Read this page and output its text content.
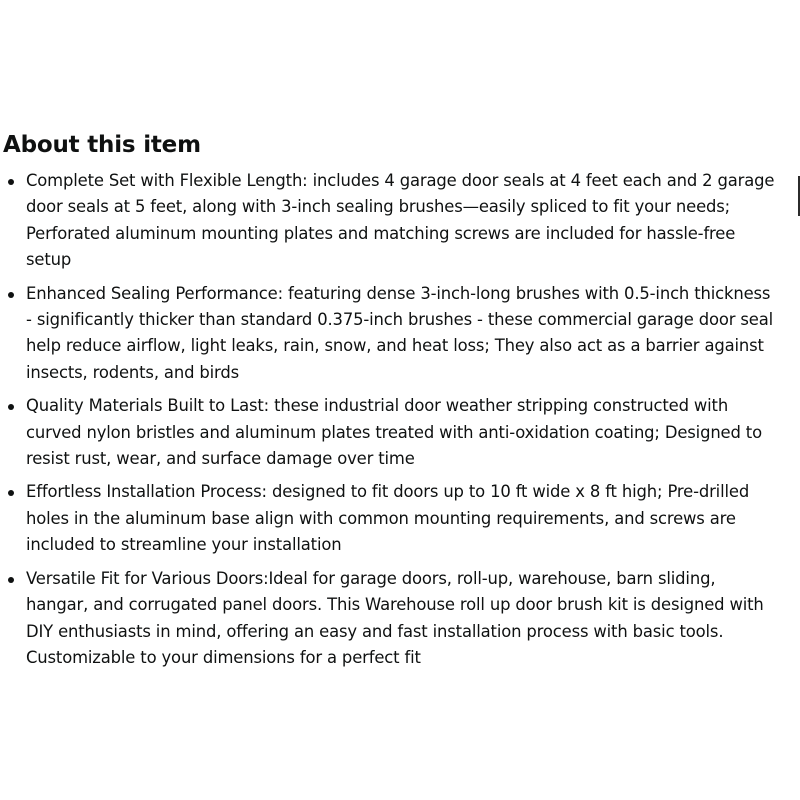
About this item
Complete Set with Flexible Length: includes 4 garage door seals at 4 feet each and 2 garage door seals at 5 feet, along with 3-inch sealing brushes—easily spliced to fit your needs; Perforated aluminum mounting plates and matching screws are included for hassle-free setup
Enhanced Sealing Performance: featuring dense 3-inch-long brushes with 0.5-inch thickness - significantly thicker than standard 0.375-inch brushes - these commercial garage door seal help reduce airflow, light leaks, rain, snow, and heat loss; They also act as a barrier against insects, rodents, and birds
Quality Materials Built to Last: these industrial door weather stripping constructed with curved nylon bristles and aluminum plates treated with anti-oxidation coating; Designed to resist rust, wear, and surface damage over time
Effortless Installation Process: designed to fit doors up to 10 ft wide x 8 ft high; Pre-drilled holes in the aluminum base align with common mounting requirements, and screws are included to streamline your installation
Versatile Fit for Various Doors:Ideal for garage doors, roll-up, warehouse, barn sliding, hangar, and corrugated panel doors. This Warehouse roll up door brush kit is designed with DIY enthusiasts in mind, offering an easy and fast installation process with basic tools. Customizable to your dimensions for a perfect fit
